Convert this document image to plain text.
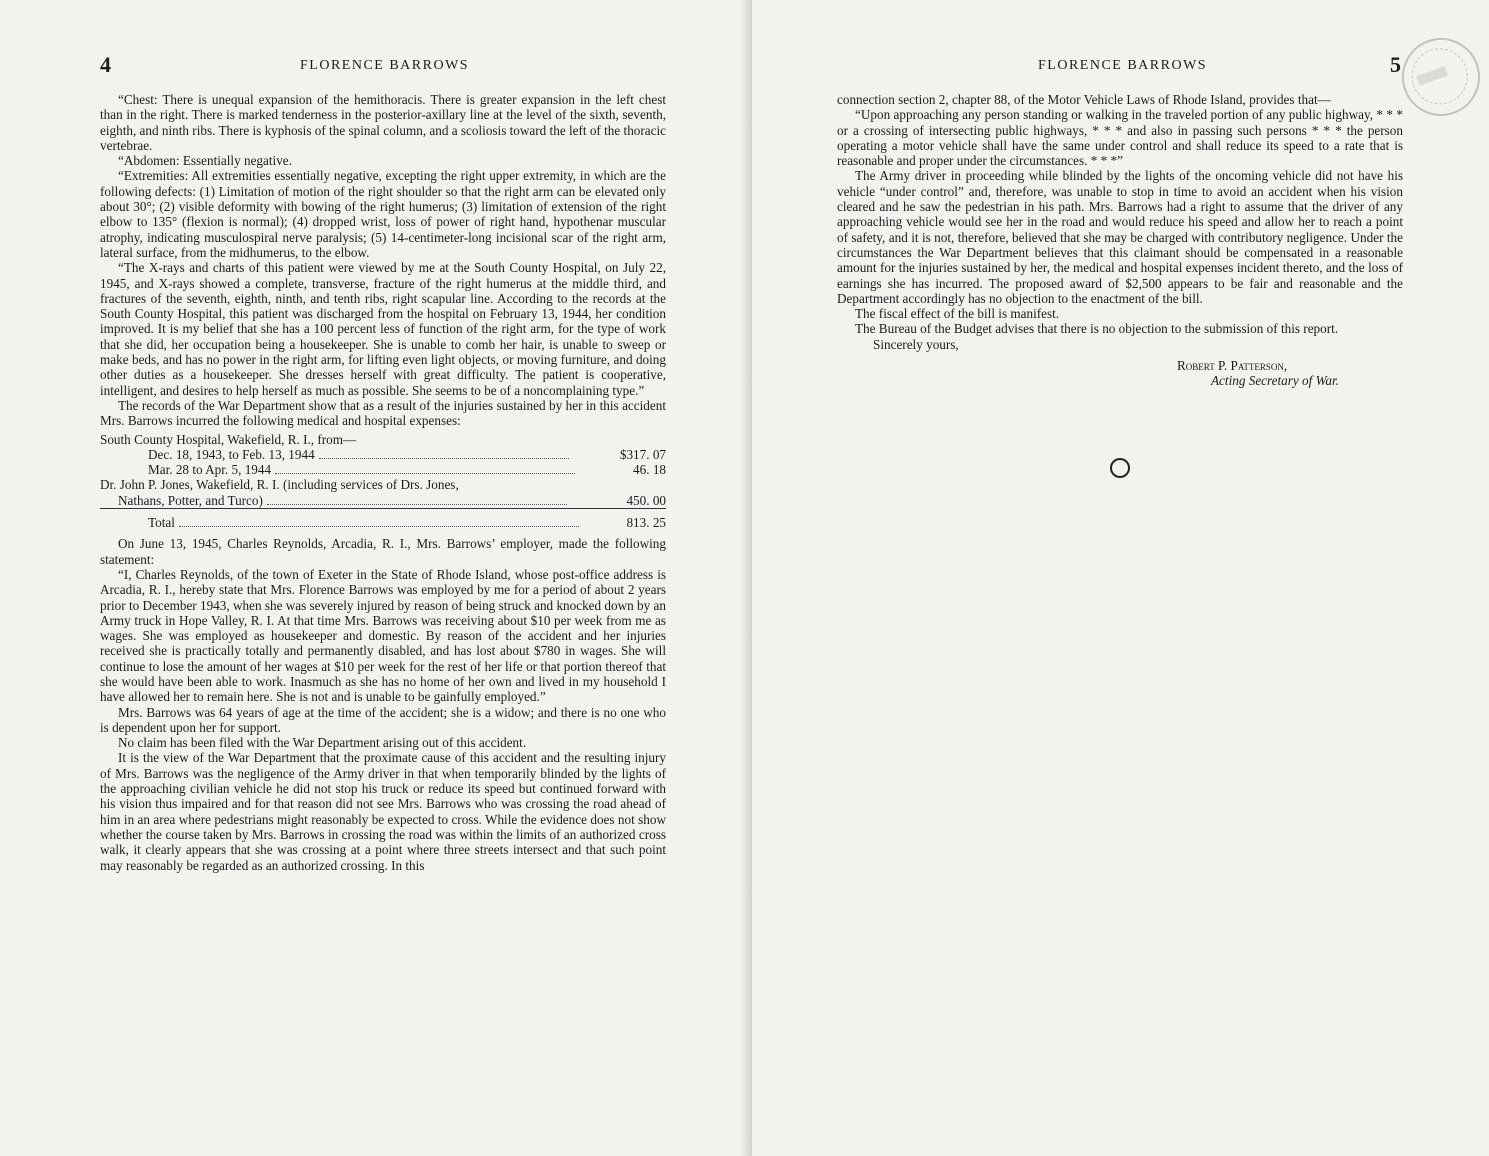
4	FLORENCE BARROWS

“Chest: There is unequal expansion of the hemithoracis. There is greater expansion in the left chest than in the right. There is marked tenderness in the posterior-axillary line at the level of the sixth, seventh, eighth, and ninth ribs. There is kyphosis of the spinal column, and a scoliosis toward the left of the thoracic vertebrae.

“Abdomen: Essentially negative.

“Extremities: All extremities essentially negative, excepting the right upper extremity, in which are the following defects: (1) Limitation of motion of the right shoulder so that the right arm can be elevated only about 30°; (2) visible deformity with bowing of the right humerus; (3) limitation of extension of the right elbow to 135° (flexion is normal); (4) dropped wrist, loss of power of right hand, hypothenar muscular atrophy, indicating musculospiral nerve paralysis; (5) 14-centimeter-long incisional scar of the right arm, lateral surface, from the midhumerus, to the elbow.

“The X-rays and charts of this patient were viewed by me at the South County Hospital, on July 22, 1945, and X-rays showed a complete, transverse, fracture of the right humerus at the middle third, and fractures of the seventh, eighth, ninth, and tenth ribs, right scapular line. According to the records at the South County Hospital, this patient was discharged from the hospital on February 13, 1944, her condition improved. It is my belief that she has a 100 percent less of function of the right arm, for the type of work that she did, her occupation being a housekeeper. She is unable to comb her hair, is unable to sweep or make beds, and has no power in the right arm, for lifting even light objects, or moving furniture, and doing other duties as a housekeeper. She dresses herself with great difficulty. The patient is cooperative, intelligent, and desires to help herself as much as possible. She seems to be of a noncomplaining type.”

The records of the War Department show that as a result of the injuries sustained by her in this accident Mrs. Barrows incurred the following medical and hospital expenses:

South County Hospital, Wakefield, R. I., from—	
Dec. 18, 1943, to Feb. 13, 1944	$317. 07
Mar. 28 to Apr. 5, 1944	46. 18
Dr. John P. Jones, Wakefield, R. I. (including services of Drs. Jones,	
Nathans, Potter, and Turco)	450. 00

Total	813. 25

On June 13, 1945, Charles Reynolds, Arcadia, R. I., Mrs. Barrows’ employer, made the following statement:

“I, Charles Reynolds, of the town of Exeter in the State of Rhode Island, whose post-office address is Arcadia, R. I., hereby state that Mrs. Florence Barrows was employed by me for a period of about 2 years prior to December 1943, when she was severely injured by reason of being struck and knocked down by an Army truck in Hope Valley, R. I. At that time Mrs. Barrows was receiving about $10 per week from me as wages. She was employed as housekeeper and domestic. By reason of the accident and her injuries received she is practically totally and permanently disabled, and has lost about $780 in wages. She will continue to lose the amount of her wages at $10 per week for the rest of her life or that portion thereof that she would have been able to work. Inasmuch as she has no home of her own and lived in my household I have allowed her to remain here. She is not and is unable to be gainfully employed.”

Mrs. Barrows was 64 years of age at the time of the accident; she is a widow; and there is no one who is dependent upon her for support.

No claim has been filed with the War Department arising out of this accident.

It is the view of the War Department that the proximate cause of this accident and the resulting injury of Mrs. Barrows was the negligence of the Army driver in that when temporarily blinded by the lights of the approaching civilian vehicle he did not stop his truck or reduce its speed but continued forward with his vision thus impaired and for that reason did not see Mrs. Barrows who was crossing the road ahead of him in an area where pedestrians might reasonably be expected to cross. While the evidence does not show whether the course taken by Mrs. Barrows in crossing the road was within the limits of an authorized cross walk, it clearly appears that she was crossing at a point where three streets intersect and that such point may reasonably be regarded as an authorized crossing. In this

FLORENCE BARROWS	5

connection section 2, chapter 88, of the Motor Vehicle Laws of Rhode Island, provides that—

“Upon approaching any person standing or walking in the traveled portion of any public highway, * * * or a crossing of intersecting public highways, * * * and also in passing such persons * * * the person operating a motor vehicle shall have the same under control and shall reduce its speed to a rate that is reasonable and proper under the circumstances. * * *”

The Army driver in proceeding while blinded by the lights of the oncoming vehicle did not have his vehicle “under control” and, therefore, was unable to stop in time to avoid an accident when his vision cleared and he saw the pedestrian in his path. Mrs. Barrows had a right to assume that the driver of any approaching vehicle would see her in the road and would reduce his speed and allow her to reach a point of safety, and it is not, therefore, believed that she may be charged with contributory negligence. Under the circumstances the War Department believes that this claimant should be compensated in a reasonable amount for the injuries sustained by her, the medical and hospital expenses incident thereto, and the loss of earnings she has incurred. The proposed award of $2,500 appears to be fair and reasonable and the Department accordingly has no objection to the enactment of the bill.

The fiscal effect of the bill is manifest.

The Bureau of the Budget advises that there is no objection to the submission of this report.

Sincerely yours,

Robert P. Patterson,
Acting Secretary of War.
